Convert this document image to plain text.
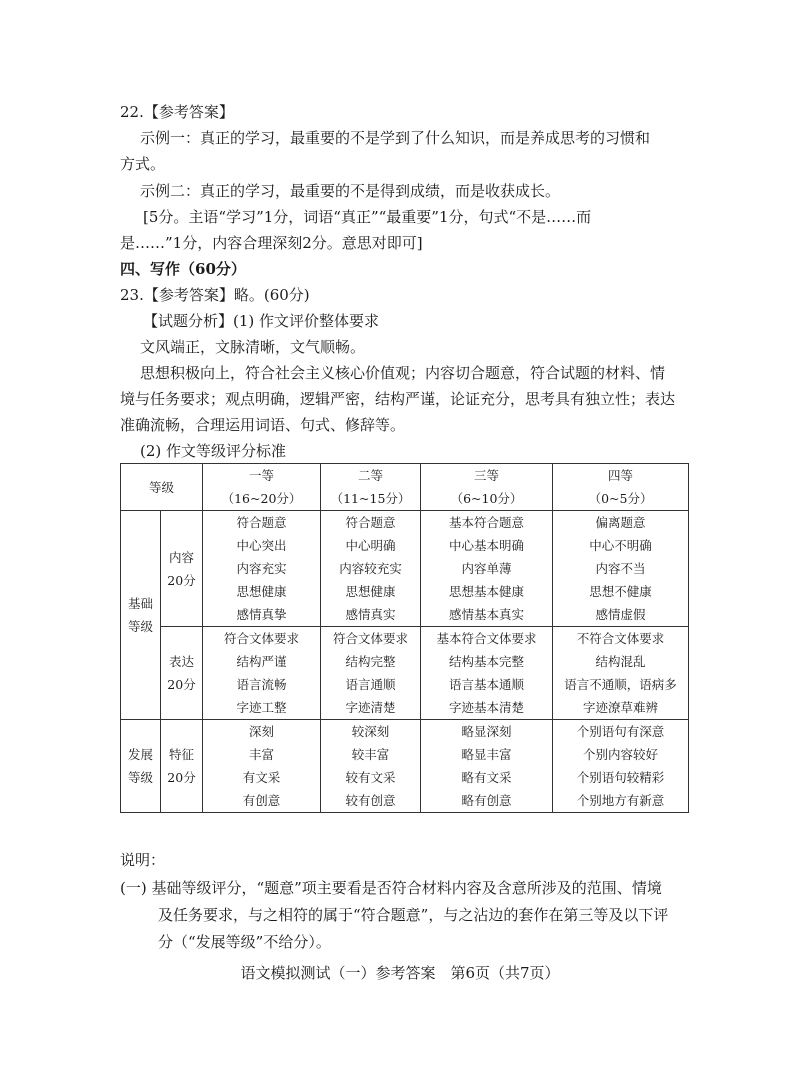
22.【参考答案】
示例一：真正的学习，最重要的不是学到了什么知识，而是养成思考的习惯和
方式。
示例二：真正的学习，最重要的不是得到成绩，而是收获成长。
[5分。主语“学习”1分，词语“真正”“最重要”1分，句式“不是……而
是……”1分，内容合理深刻2分。意思对即可]
四、写作（60分）
23.【参考答案】略。(60分)
【试题分析】(1) 作文评价整体要求
文风端正，文脉清晰，文气顺畅。
思想积极向上，符合社会主义核心价值观；内容切合题意，符合试题的材料、情
境与任务要求；观点明确，逻辑严密，结构严谨，论证充分，思考具有独立性；表达
准确流畅，合理运用词语、句式、修辞等。
(2) 作文等级评分标准
等级		一等
（16~20分）	二等
（11~15分）	三等
（6~10分）	四等
（0~5分）

基础
等级	内容
20分	符合题意
中心突出
内容充实
思想健康
感情真挚	符合题意
中心明确
内容较充实
思想健康
感情真实	基本符合题意
中心基本明确
内容单薄
思想基本健康
感情基本真实	偏离题意
中心不明确
内容不当
思想不健康
感情虚假

	表达
20分	符合文体要求
结构严谨
语言流畅
字迹工整	符合文体要求
结构完整
语言通顺
字迹清楚	基本符合文体要求
结构基本完整
语言基本通顺
字迹基本清楚	不符合文体要求
结构混乱
语言不通顺，语病多
字迹潦草难辨

发展
等级	特征
20分	深刻
丰富
有文采
有创意	较深刻
较丰富
较有文采
较有创意	略显深刻
略显丰富
略有文采
略有创意	个别语句有深意
个别内容较好
个别语句较精彩
个别地方有新意
说明：
(一) 基础等级评分，“题意”项主要看是否符合材料内容及含意所涉及的范围、情境
及任务要求，与之相符的属于“符合题意”，与之沾边的套作在第三等及以下评
分（“发展等级”不给分）。
语文模拟测试（一）参考答案　第6页（共7页）
